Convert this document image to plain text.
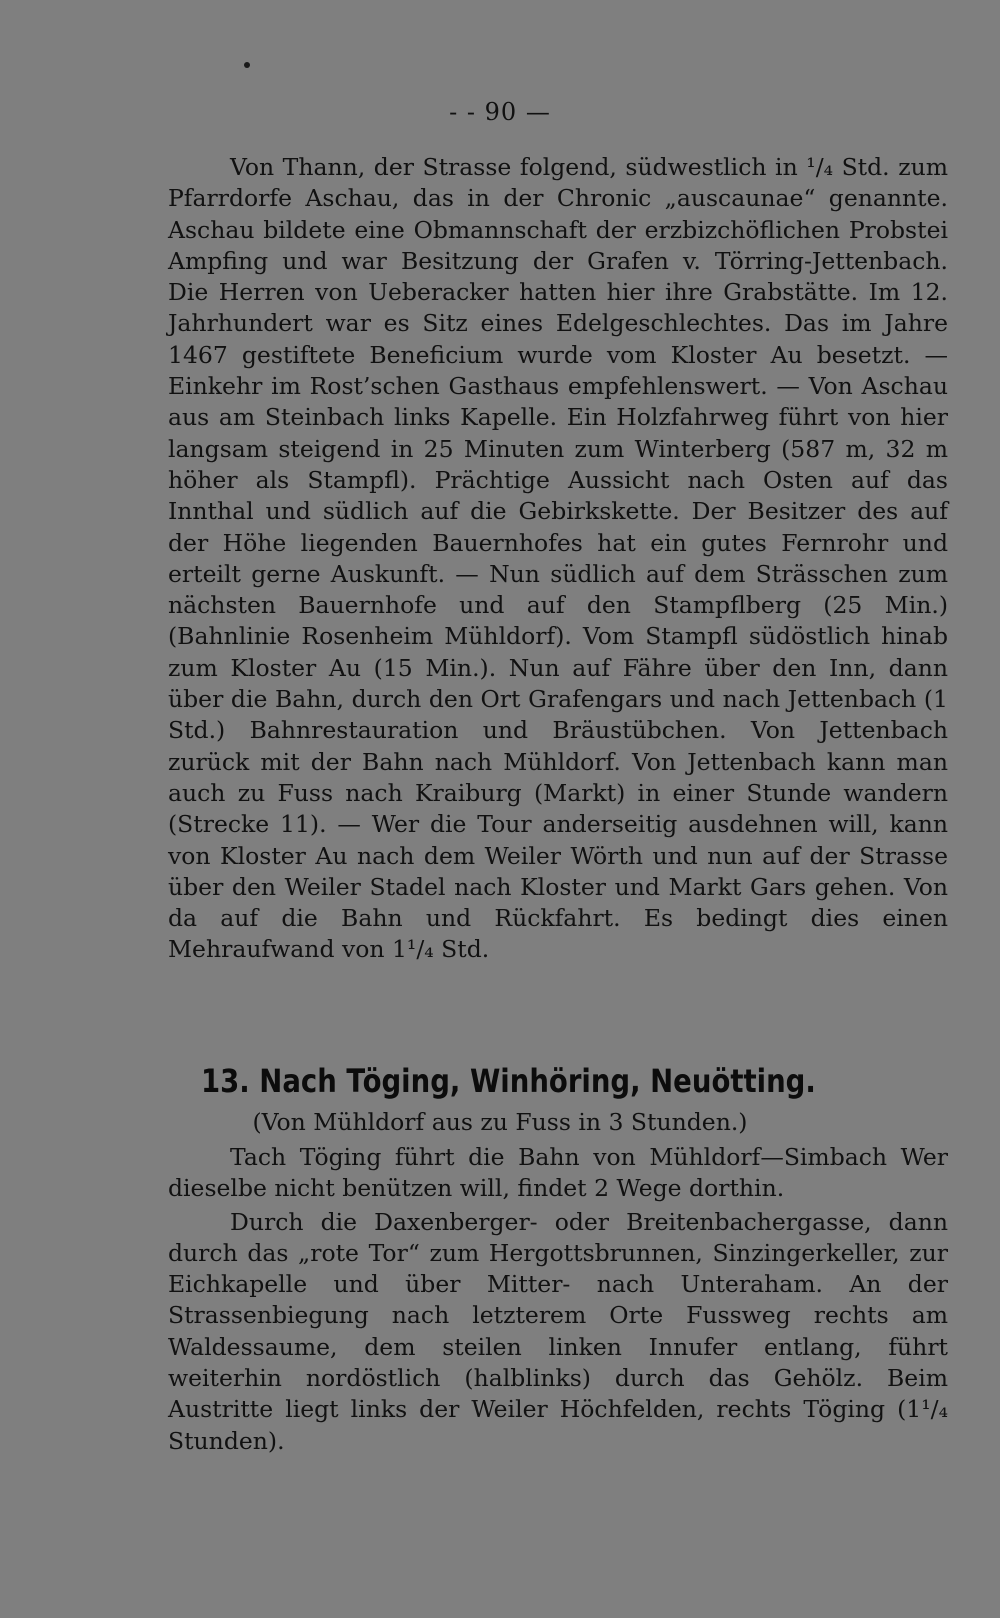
- - 90 —

Von Thann, der Strasse folgend, südwestlich in ¹/₄ Std. zum Pfarrdorfe Aschau, das in der Chronic „auscaunae“ genannte. Aschau bildete eine Obmannschaft der erzbizchöflichen Probstei Ampfing und war Besitzung der Grafen v. Törring-Jettenbach. Die Herren von Ueberacker hatten hier ihre Grabstätte. Im 12. Jahrhundert war es Sitz eines Edelgeschlechtes. Das im Jahre 1467 gestiftete Beneficium wurde vom Kloster Au besetzt. — Einkehr im Rost’schen Gasthaus empfehlenswert. — Von Aschau aus am Steinbach links Kapelle. Ein Holzfahrweg führt von hier langsam steigend in 25 Minuten zum Winterberg (587 m, 32 m höher als Stampfl). Prächtige Aussicht nach Osten auf das Innthal und südlich auf die Gebirkskette. Der Besitzer des auf der Höhe liegenden Bauernhofes hat ein gutes Fernrohr und erteilt gerne Auskunft. — Nun südlich auf dem Strässchen zum nächsten Bauernhofe und auf den Stampflberg (25 Min.) (Bahnlinie Rosenheim Mühldorf). Vom Stampfl südöstlich hinab zum Kloster Au (15 Min.). Nun auf Fähre über den Inn, dann über die Bahn, durch den Ort Grafengars und nach Jettenbach (1 Std.) Bahnrestauration und Bräustübchen. Von Jettenbach zurück mit der Bahn nach Mühldorf. Von Jettenbach kann man auch zu Fuss nach Kraiburg (Markt) in einer Stunde wandern (Strecke 11). — Wer die Tour anderseitig ausdehnen will, kann von Kloster Au nach dem Weiler Wörth und nun auf der Strasse über den Weiler Stadel nach Kloster und Markt Gars gehen. Von da auf die Bahn und Rückfahrt. Es bedingt dies einen Mehraufwand von 1¹/₄ Std.

13. Nach Töging, Winhöring, Neuötting.
(Von Mühldorf aus zu Fuss in 3 Stunden.)

Tach Töging führt die Bahn von Mühldorf—Simbach Wer dieselbe nicht benützen will, findet 2 Wege dorthin.

Durch die Daxenberger- oder Breitenbachergasse, dann durch das „rote Tor“ zum Hergottsbrunnen, Sinzingerkeller, zur Eichkapelle und über Mitter- nach Unteraham. An der Strassenbiegung nach letzterem Orte Fussweg rechts am Waldessaume, dem steilen linken Innufer entlang, führt weiterhin nordöstlich (halblinks) durch das Gehölz. Beim Austritte liegt links der Weiler Höchfelden, rechts Töging (1¹/₄ Stunden).
